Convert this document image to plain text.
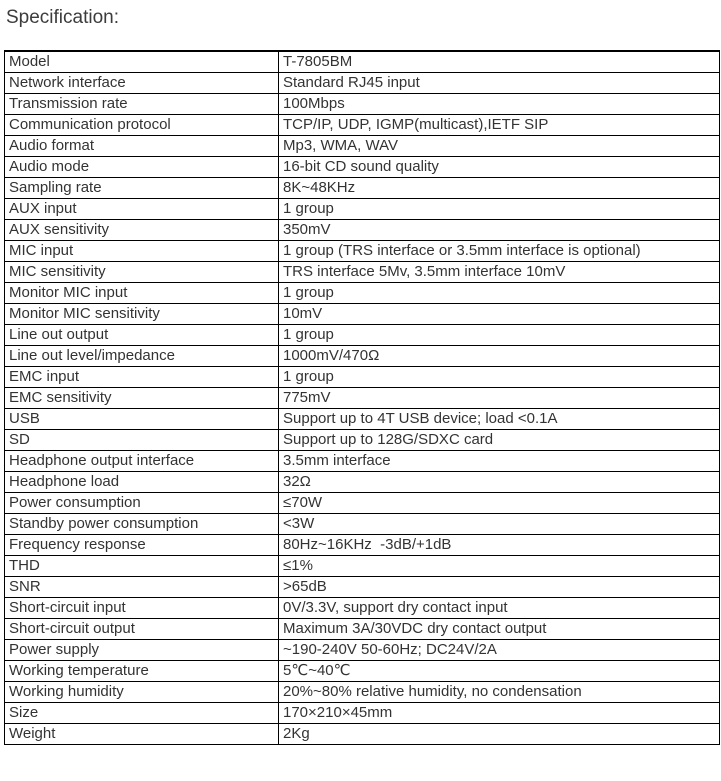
Specification:
Model	T-7805BM
Network interface	Standard RJ45 input
Transmission rate	100Mbps
Communication protocol	TCP/IP, UDP, IGMP(multicast),IETF SIP
Audio format	Mp3, WMA, WAV
Audio mode	16-bit CD sound quality
Sampling rate	8K~48KHz
AUX input	1 group
AUX sensitivity	350mV
MIC input	1 group (TRS interface or 3.5mm interface is optional)
MIC sensitivity	TRS interface 5Mv, 3.5mm interface 10mV
Monitor MIC input	1 group
Monitor MIC sensitivity	10mV
Line out output	1 group
Line out level/impedance	1000mV/470Ω
EMC input	1 group
EMC sensitivity	775mV
USB	Support up to 4T USB device; load <0.1A
SD	Support up to 128G/SDXC card
Headphone output interface	3.5mm interface
Headphone load	32Ω
Power consumption	≤70W
Standby power consumption	<3W
Frequency response	80Hz~16KHz  -3dB/+1dB
THD	≤1%
SNR	>65dB
Short-circuit input	0V/3.3V, support dry contact input
Short-circuit output	Maximum 3A/30VDC dry contact output
Power supply	~190-240V 50-60Hz; DC24V/2A
Working temperature	5℃~40℃
Working humidity	20%~80% relative humidity, no condensation
Size	170×210×45mm
Weight	2Kg
